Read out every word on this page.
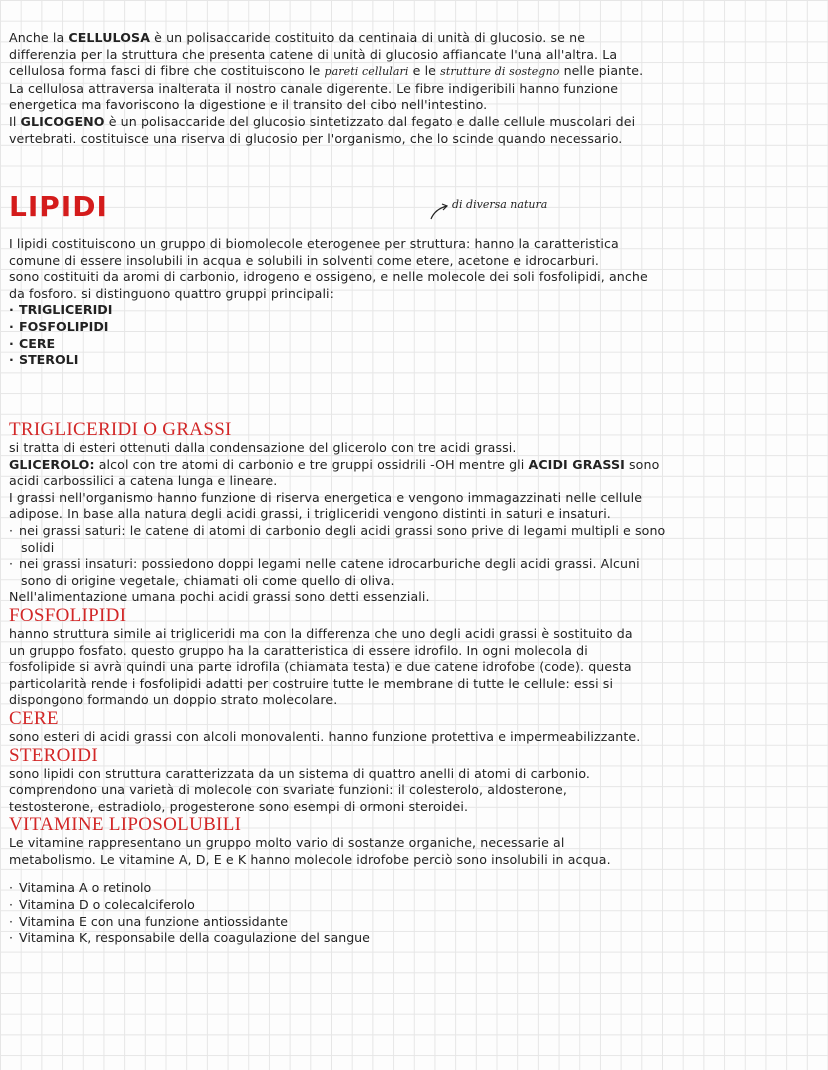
Anche la CELLULOSA è un polisaccaride costituito da centinaia di unità di glucosio. se ne

differenzia per la struttura che presenta catene di unità di glucosio affiancate l'una all'altra. La

cellulosa forma fasci di fibre che costituiscono le pareti cellulari e le strutture di sostegno nelle piante.

La cellulosa attraversa inalterata il nostro canale digerente. Le fibre indigeribili hanno funzione

energetica ma favoriscono la digestione e il transito del cibo nell'intestino.

Il GLICOGENO è un polisaccaride del glucosio sintetizzato dal fegato e dalle cellule muscolari dei

vertebrati. costituisce una riserva di glucosio per l'organismo, che lo scinde quando necessario.

LIPIDI	di diversa natura

I lipidi costituiscono un gruppo di biomolecole eterogenee per struttura: hanno la caratteristica

comune di essere insolubili in acqua e solubili in solventi come etere, acetone e idrocarburi.

sono costituiti da aromi di carbonio, idrogeno e ossigeno, e nelle molecole dei soli fosfolipidi, anche

da fosforo. si distinguono quattro gruppi principali:

· TRIGLICERIDI
· FOSFOLIPIDI
· CERE
· STEROLI

TRIGLICERIDI O GRASSI

si tratta di esteri ottenuti dalla condensazione del glicerolo con tre acidi grassi.

GLICEROLO: alcol con tre atomi di carbonio e tre gruppi ossidrili -OH mentre gli ACIDI GRASSI sono

acidi carbossilici a catena lunga e lineare.

I grassi nell'organismo hanno funzione di riserva energetica e vengono immagazzinati nelle cellule

adipose. In base alla natura degli acidi grassi, i trigliceridi vengono distinti in saturi e insaturi.

· nei grassi saturi: le catene di atomi di carbonio degli acidi grassi sono prive di legami multipli e sono

solidi

· nei grassi insaturi: possiedono doppi legami nelle catene idrocarburiche degli acidi grassi. Alcuni

sono di origine vegetale, chiamati oli come quello di oliva.

Nell'alimentazione umana pochi acidi grassi sono detti essenziali.

FOSFOLIPIDI

hanno struttura simile ai trigliceridi ma con la differenza che uno degli acidi grassi è sostituito da

un gruppo fosfato. questo gruppo ha la caratteristica di essere idrofilo. In ogni molecola di

fosfolipide si avrà quindi una parte idrofila (chiamata testa) e due catene idrofobe (code). questa

particolarità rende i fosfolipidi adatti per costruire tutte le membrane di tutte le cellule: essi si

dispongono formando un doppio strato molecolare.

CERE

sono esteri di acidi grassi con alcoli monovalenti. hanno funzione protettiva e impermeabilizzante.

STEROIDI

sono lipidi con struttura caratterizzata da un sistema di quattro anelli di atomi di carbonio.

comprendono una varietà di molecole con svariate funzioni: il colesterolo, aldosterone,

testosterone, estradiolo, progesterone sono esempi di ormoni steroidei.

VITAMINE LIPOSOLUBILI

Le vitamine rappresentano un gruppo molto vario di sostanze organiche, necessarie al

metabolismo. Le vitamine A, D, E e K hanno molecole idrofobe perciò sono insolubili in acqua.

· Vitamina A o retinolo
· Vitamina D o colecalciferolo
· Vitamina E con una funzione antiossidante
· Vitamina K, responsabile della coagulazione del sangue
